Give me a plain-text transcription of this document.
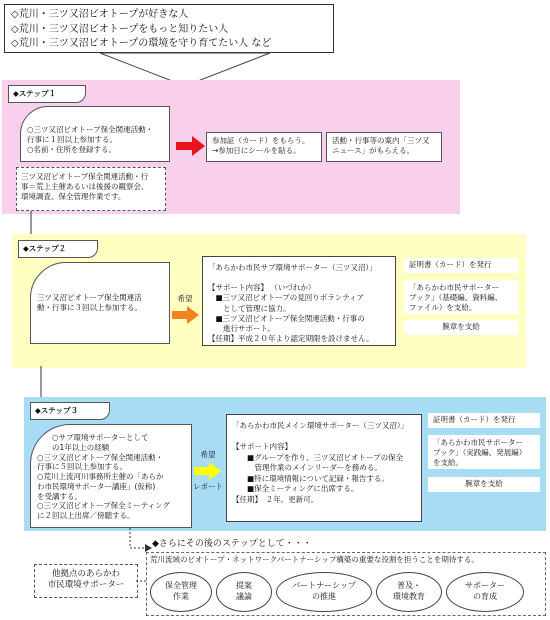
◇荒川・三ツ又沼ビオトープが好きな人
◇荒川・三ツ又沼ビオトープをもっと知りたい人
◇荒川・三ツ又沼ビオトープの環境を守り育てたい人 など
◆ステップ１
○三ツ又沼ビオトープ保全関連活動・
行事に１回以上参加する。
○名前・住所を登録する。
三ツ又沼ビオトープ保全関連活動・行
事＝荒上主催あるいは後援の観察会、
環境調査、保全管理作業です。
参加証（カード）をもらう。
→参加日にシールを貼る。
活動・行事等の案内「三ツ又
ニュース」がもらえる。
◆ステップ２
三ツ又沼ビオトープ保全関連活
動・行事に３回以上参加する。
希望
「あらかわ市民サブ環境サポーター（三ツ又沼）」

【サポート内容】 （いづれか）
　■三ツ又沼ビオトープの見回りボランティア
　　として管理に協力。
　■三ツ又沼ビオトープ保全関連活動・行事の
　　進行サポート。
【任期】平成２０年より認定期限を設けません。
証明書（カード）を発行
「あらかわ市民サポーター
ブック」（基礎編、資料編、
ファイル）を支給。
腕章を支給
◆ステップ３
　　○サブ環境サポーターとして
　　の1年以上の経験
○三ツ又沼ビオトープ保全関連活動・
行事に５回以上参加する。
○荒川上流河川事務所主催の「あらか
わ市民環境サポーター講座」(仮称)
を受講する。
○三ツ又沼ビオトープ保全ミーティング
に２回以上出席／傍聴する。
希望
レポート
「あらかわ市民メイン環境サポーター（三ツ又沼）」

【サポート内容】
　　■グループを作り、三ツ又沼ビオトープの保全
　　　管理作業のメインリーダーを務める。
　　■特に環境情報について記録・報告する。
　　■保全ミーティングに出席する。
【任期】　２年。更新可。
証明書（カード）を発行
「あらかわ市民サポーター
ブック」（実践編、発展編）
を支給。
腕章を支給
◆さらにその後のステップとして・・・
荒川流域のビオトープ・ネットワークパートナーシップ構築の重要な役割を担うことを期待する。
他拠点のあらかわ
市民環境サポーター	保全管理
作業
提案
議論
パートナーシップ
の推進
普及・
環境教育
サポーター
の育成
